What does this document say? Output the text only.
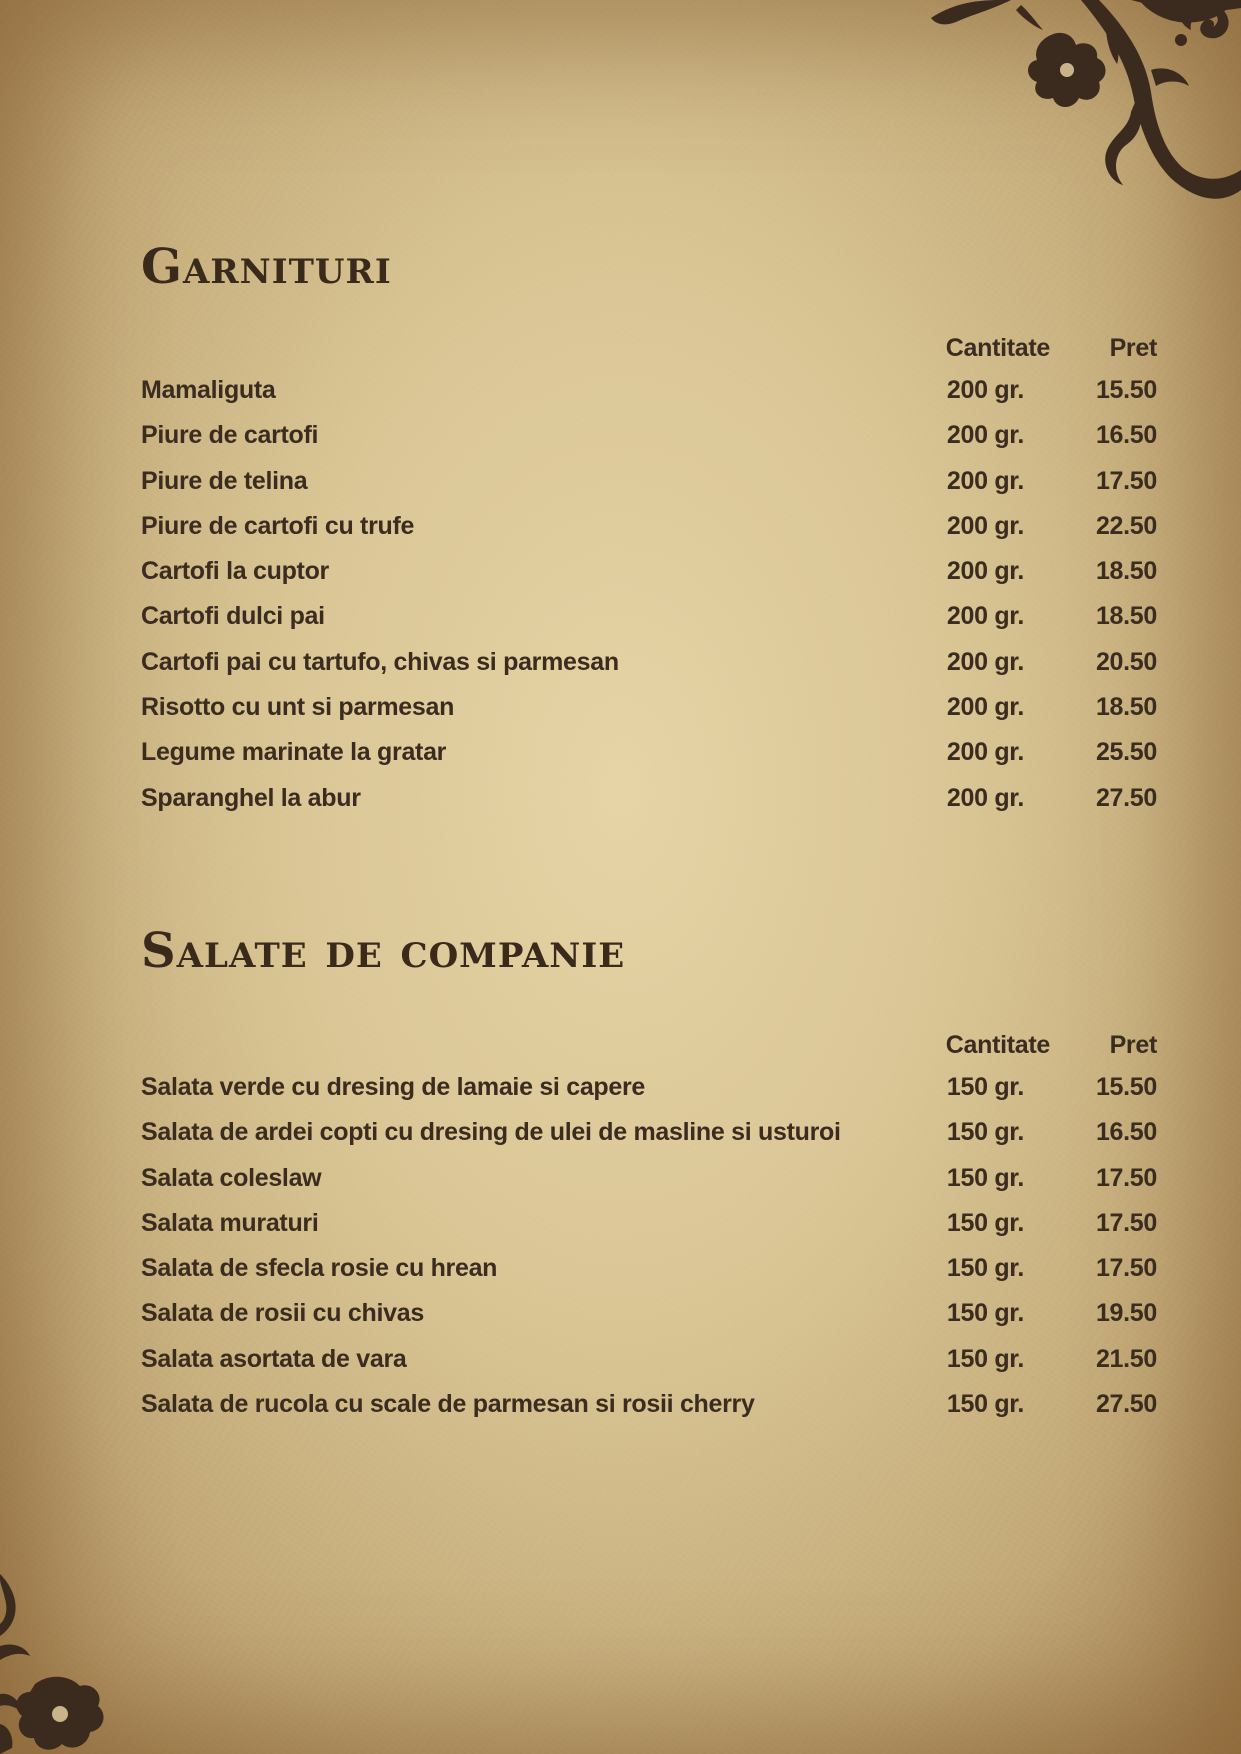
Garnituri
Cantitate Pret
Mamaliguta	200 gr.	15.50
Piure de cartofi	200 gr.	16.50
Piure de telina	200 gr.	17.50
Piure de cartofi cu trufe	200 gr.	22.50
Cartofi la cuptor	200 gr.	18.50
Cartofi dulci pai	200 gr.	18.50
Cartofi pai cu tartufo, chivas si parmesan	200 gr.	20.50
Risotto cu unt si parmesan	200 gr.	18.50
Legume marinate la gratar	200 gr.	25.50
Sparanghel la abur	200 gr.	27.50
Salate de companie
Cantitate Pret
Salata verde cu dresing de lamaie si capere	150 gr.	15.50
Salata de ardei copti cu dresing de ulei de masline si usturoi	150 gr.	16.50
Salata coleslaw	150 gr.	17.50
Salata muraturi	150 gr.	17.50
Salata de sfecla rosie cu hrean	150 gr.	17.50
Salata de rosii cu chivas	150 gr.	19.50
Salata asortata de vara	150 gr.	21.50
Salata de rucola cu scale de parmesan si rosii cherry	150 gr.	27.50
